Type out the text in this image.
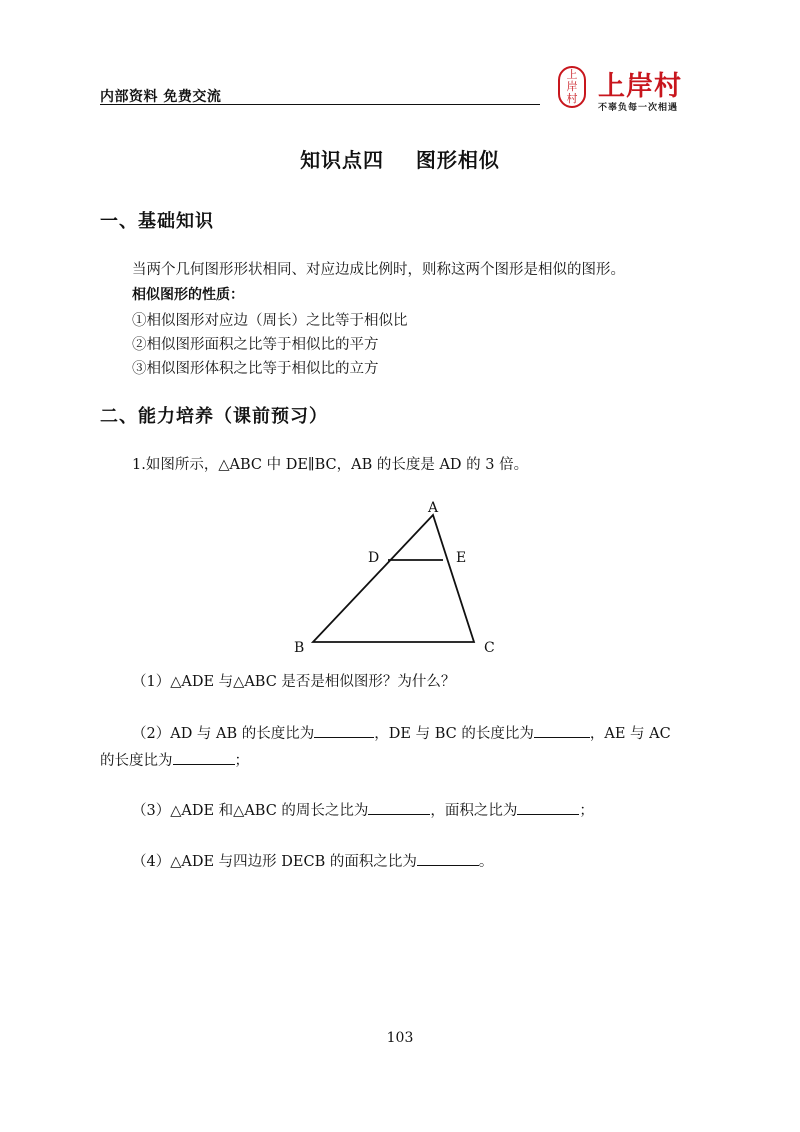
内部资料 免费交流
上
岸
村 上岸村
不辜负每一次相遇
知识点四    图形相似
一、基础知识
当两个几何图形形状相同、对应边成比例时，则称这两个图形是相似的图形。
相似图形的性质：
①相似图形对应边（周长）之比等于相似比
②相似图形面积之比等于相似比的平方
③相似图形体积之比等于相似比的立方
二、能力培养（课前预习）
1.如图所示，△ABC 中 DE∥BC，AB 的长度是 AD 的 3 倍。
A
B	C
D	E
（1）△ADE 与△ABC 是否是相似图形？为什么？
（2）AD 与 AB 的长度比为	，DE 与 BC 的长度比为	，AE 与 AC
的长度比为	；
（3）△ADE 和△ABC 的周长之比为	，面积之比为	；
（4）△ADE 与四边形 DECB 的面积之比为	。
103
